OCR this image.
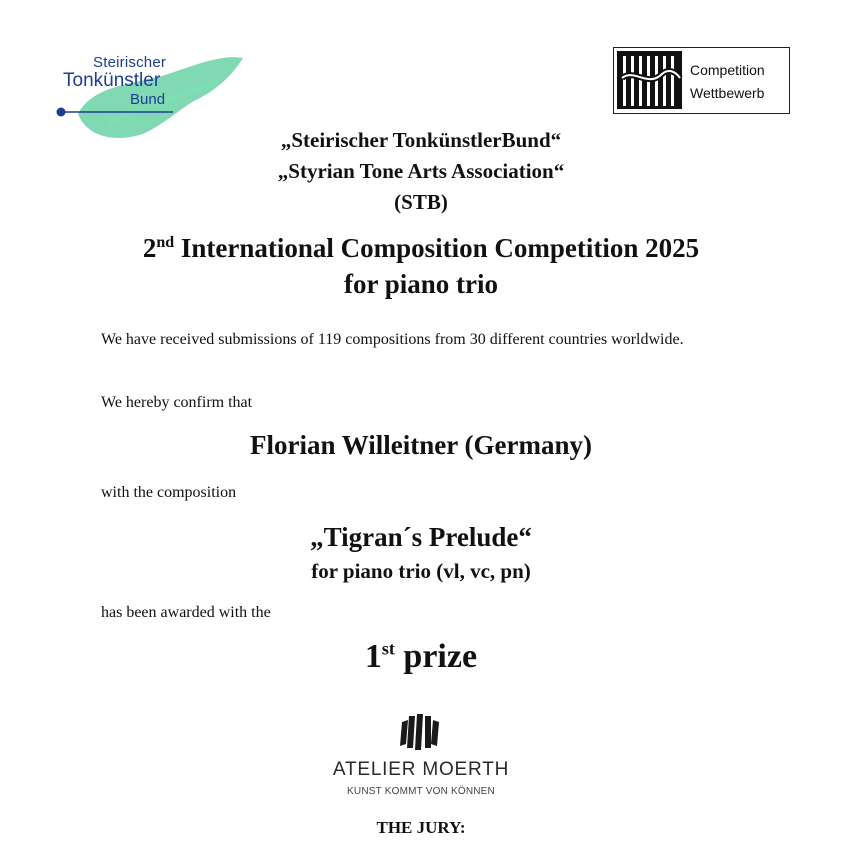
Steirischer
Tonkünstler
Bund
Competition
Wettbewerb
„Steirischer TonkünstlerBund“
„Styrian Tone Arts Association“
(STB)
2nd International Composition Competition 2025
for piano trio
We have received submissions of 119 compositions from 30 different countries worldwide.
We hereby confirm that
Florian Willeitner (Germany)
with the composition
„Tigran´s Prelude“
for piano trio (vl, vc, pn)
has been awarded with the
1st prize
ATELIER MOERTH
KUNST KOMMT VON KÖNNEN
THE JURY:
